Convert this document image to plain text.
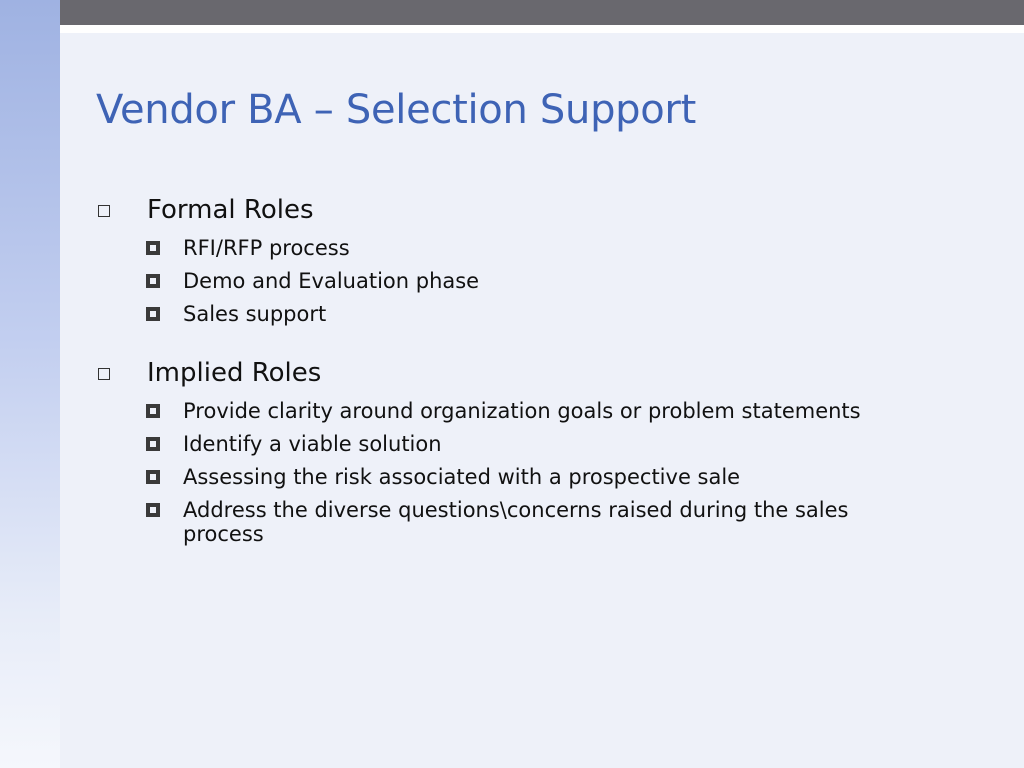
Vendor BA – Selection Support
Formal Roles
RFI/RFP process
Demo and Evaluation phase
Sales support
Implied Roles
Provide clarity around organization goals or problem statements
Identify a viable solution
Assessing the risk associated with a prospective sale
Address the diverse questions\concerns raised during the sales process
